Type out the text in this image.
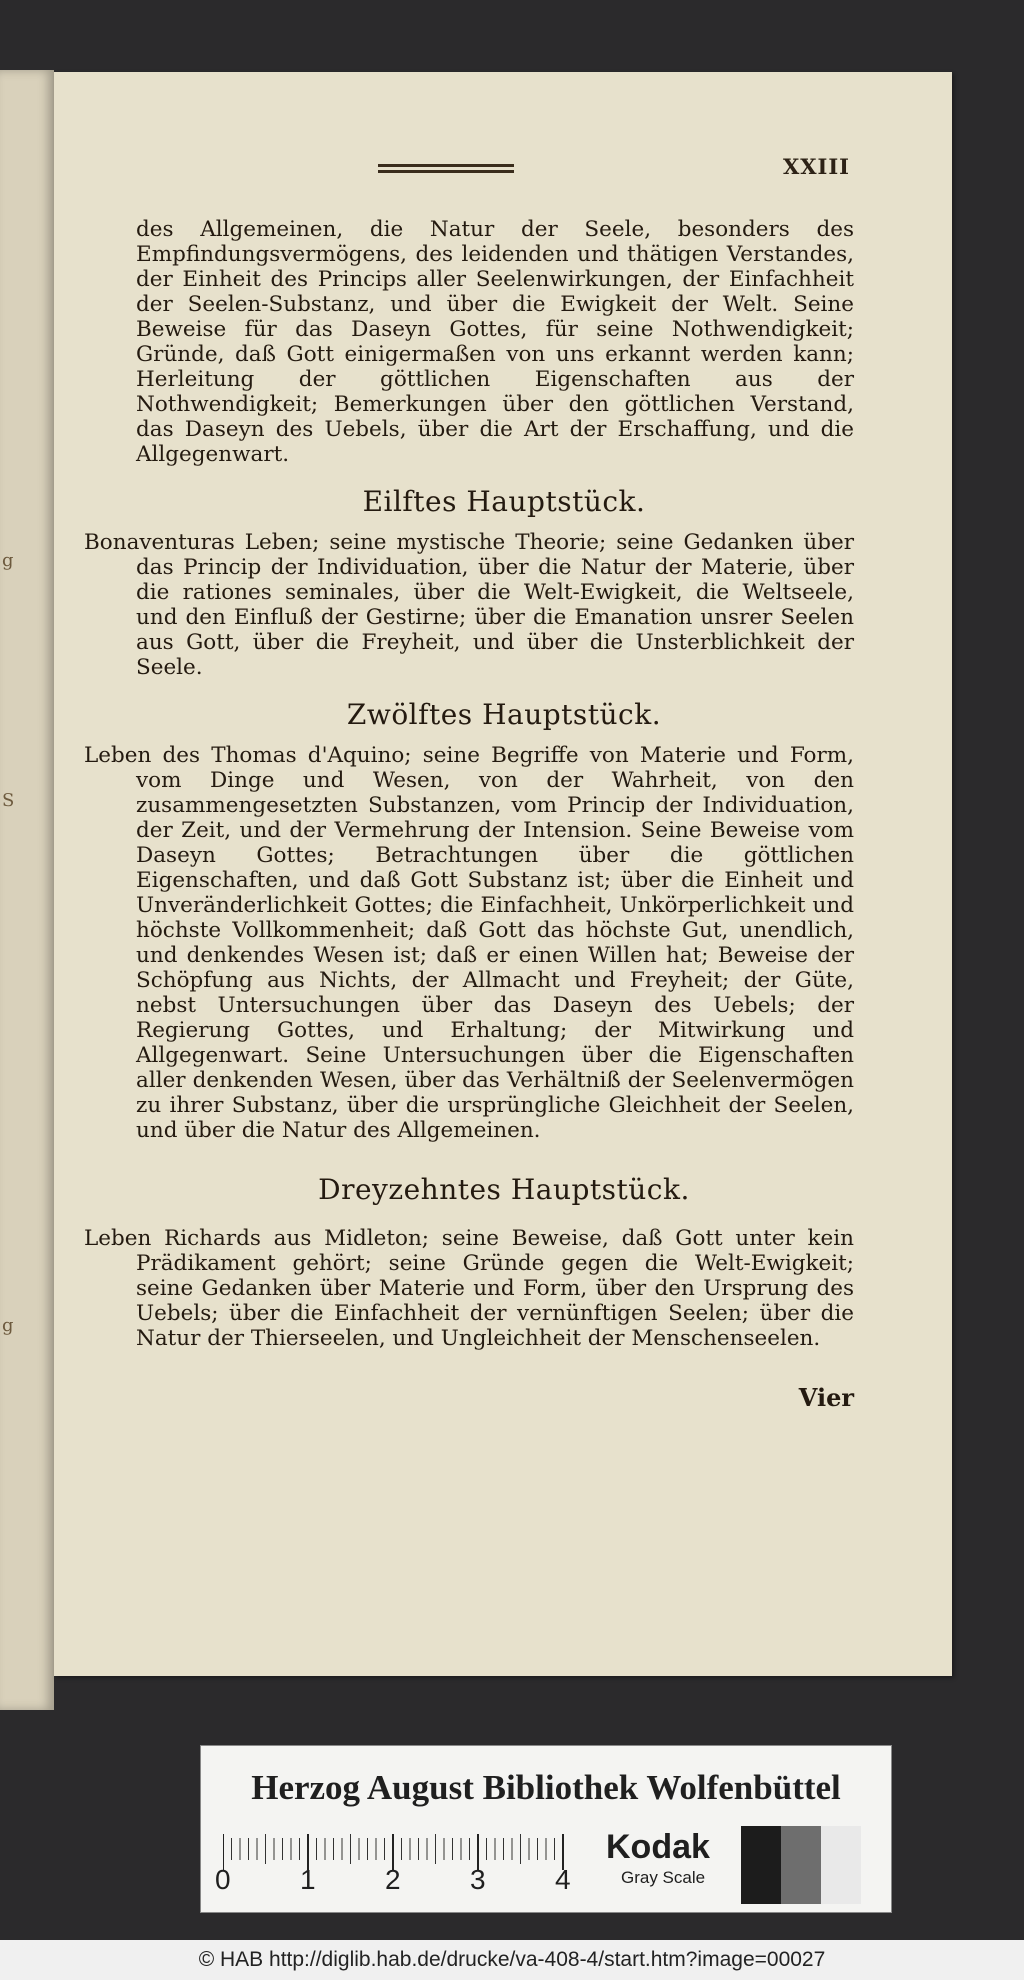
g
S
g
XXIII

des Allgemeinen, die Natur der Seele, besonders des Empfindungsvermögens, des leidenden und thätigen Verstandes, der Einheit des Princips aller Seelenwirkungen, der Einfachheit der Seelen-Substanz, und über die Ewigkeit der Welt. Seine Beweise für das Daseyn Gottes, für seine Nothwendigkeit; Gründe, daß Gott einigermaßen von uns erkannt werden kann; Herleitung der göttlichen Eigenschaften aus der Nothwendigkeit; Bemerkungen über den göttlichen Verstand, das Daseyn des Uebels, über die Art der Erschaffung, und die Allgegenwart.

Eilftes Hauptstück.

Bonaventuras Leben; seine mystische Theorie; seine Gedanken über das Princip der Individuation, über die Natur der Materie, über die rationes seminales, über die Welt-Ewigkeit, die Weltseele, und den Einfluß der Gestirne; über die Emanation unsrer Seelen aus Gott, über die Freyheit, und über die Unsterblichkeit der Seele.

Zwölftes Hauptstück.

Leben des Thomas d'Aquino; seine Begriffe von Materie und Form, vom Dinge und Wesen, von der Wahrheit, von den zusammengesetzten Substanzen, vom Princip der Individuation, der Zeit, und der Vermehrung der Intension. Seine Beweise vom Daseyn Gottes; Betrachtungen über die göttlichen Eigenschaften, und daß Gott Substanz ist; über die Einheit und Unveränderlichkeit Gottes; die Einfachheit, Unkörperlichkeit und höchste Vollkommenheit; daß Gott das höchste Gut, unendlich, und denkendes Wesen ist; daß er einen Willen hat; Beweise der Schöpfung aus Nichts, der Allmacht und Freyheit; der Güte, nebst Untersuchungen über das Daseyn des Uebels; der Regierung Gottes, und Erhaltung; der Mitwirkung und Allgegenwart. Seine Untersuchungen über die Eigenschaften aller denkenden Wesen, über das Verhältniß der Seelenvermögen zu ihrer Substanz, über die ursprüngliche Gleichheit der Seelen, und über die Natur des Allgemeinen.

Dreyzehntes Hauptstück.

Leben Richards aus Midleton; seine Beweise, daß Gott unter kein Prädikament gehört; seine Gründe gegen die Welt-Ewigkeit; seine Gedanken über Materie und Form, über den Ursprung des Uebels; über die Einfachheit der vernünftigen Seelen; über die Natur der Thierseelen, und Ungleichheit der Menschenseelen.

Vier
Herzog August Bibliothek Wolfenbüttel
0 1 2 3 4
Kodak
Gray Scale
© HAB http://diglib.hab.de/drucke/va-408-4/start.htm?image=00027
